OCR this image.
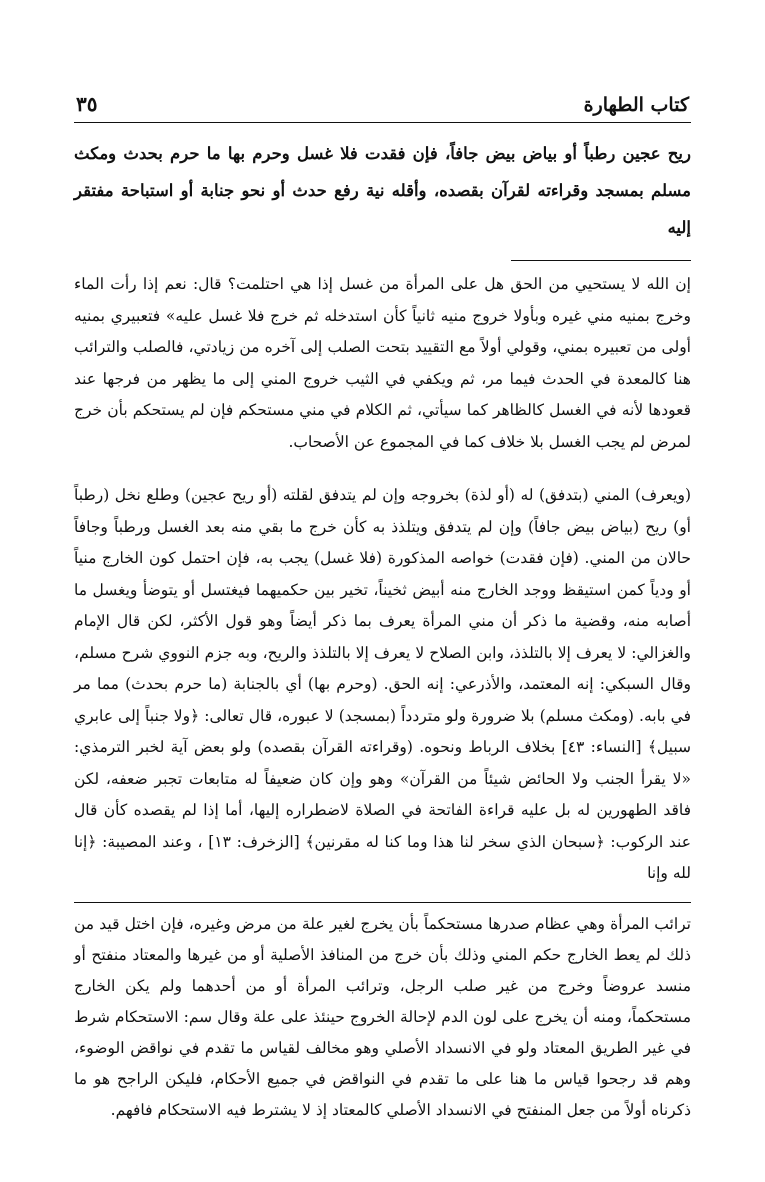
كتاب الطهارة
٣٥

ريح عجين رطباً أو بياض بيض جافاً، فإن فقدت فلا غسل وحرم بها ما حرم بحدث ومكث مسلم بمسجد وقراءته لقرآن بقصده، وأقله نية رفع حدث أو نحو جنابة أو استباحة مفتقر إليه

إن الله لا يستحيي من الحق هل على المرأة من غسل إذا هي احتلمت؟ قال: نعم إذا رأت الماء وخرج بمنيه مني غيره وبأولا خروج منيه ثانياً كأن استدخله ثم خرج فلا غسل عليه» فتعبيري بمنيه أولى من تعبيره بمني، وقولي أولاً مع التقييد بتحت الصلب إلى آخره من زيادتي، فالصلب والترائب هنا كالمعدة في الحدث فيما مر، ثم ويكفي في الثيب خروج المني إلى ما يظهر من فرجها عند قعودها لأنه في الغسل كالظاهر كما سيأتي، ثم الكلام في مني مستحكم فإن لم يستحكم بأن خرج لمرض لم يجب الغسل بلا خلاف كما في المجموع عن الأصحاب.

(ويعرف) المني (بتدفق) له (أو لذة) بخروجه وإن لم يتدفق لقلته (أو ريح عجين) وطلع نخل (رطباً أو) ريح (بياض بيض جافاً) وإن لم يتدفق ويتلذذ به كأن خرج ما بقي منه بعد الغسل ورطباً وجافاً حالان من المني. (فإن فقدت) خواصه المذكورة (فلا غسل) يجب به، فإن احتمل كون الخارج منياً أو ودياً كمن استيقظ ووجد الخارج منه أبيض ثخيناً، تخير بين حكميهما فيغتسل أو يتوضأ ويغسل ما أصابه منه، وقضية ما ذكر أن مني المرأة يعرف بما ذكر أيضاً وهو قول الأكثر، لكن قال الإمام والغزالي: لا يعرف إلا بالتلذذ، وابن الصلاح لا يعرف إلا بالتلذذ والريح، وبه جزم النووي شرح مسلم، وقال السبكي: إنه المعتمد، والأذرعي: إنه الحق. (وحرم بها) أي بالجنابة (ما حرم بحدث) مما مر في بابه. (ومكث مسلم) بلا ضرورة ولو متردداً (بمسجد) لا عبوره، قال تعالى: ﴿ولا جنباً إلى عابري سبيل﴾ [النساء: ٤٣] بخلاف الرباط ونحوه. (وقراءته القرآن بقصده) ولو بعض آية لخبر الترمذي: «لا يقرأ الجنب ولا الحائض شيئاً من القرآن» وهو وإن كان ضعيفاً له متابعات تجبر ضعفه، لكن فاقد الطهورين له بل عليه قراءة الفاتحة في الصلاة لاضطراره إليها، أما إذا لم يقصده كأن قال عند الركوب: ﴿سبحان الذي سخر لنا هذا وما كنا له مقرنين﴾ [الزخرف: ١٣] ، وعند المصيبة: ﴿إنا لله وإنا

ترائب المرأة وهي عظام صدرها مستحكماً بأن يخرج لغير علة من مرض وغيره، فإن اختل قيد من ذلك لم يعط الخارج حكم المني وذلك بأن خرج من المنافذ الأصلية أو من غيرها والمعتاد منفتح أو منسد عروضاً وخرج من غير صلب الرجل، وترائب المرأة أو من أحدهما ولم يكن الخارج مستحكماً، ومنه أن يخرج على لون الدم لإحالة الخروج حينئذ على علة وقال سم: الاستحكام شرط في غير الطريق المعتاد ولو في الانسداد الأصلي وهو مخالف لقياس ما تقدم في نواقض الوضوء، وهم قد رجحوا قياس ما هنا على ما تقدم في النواقض في جميع الأحكام، فليكن الراجح هو ما ذكرناه أولاً من جعل المنفتح في الانسداد الأصلي كالمعتاد إذ لا يشترط فيه الاستحكام فافهم.
